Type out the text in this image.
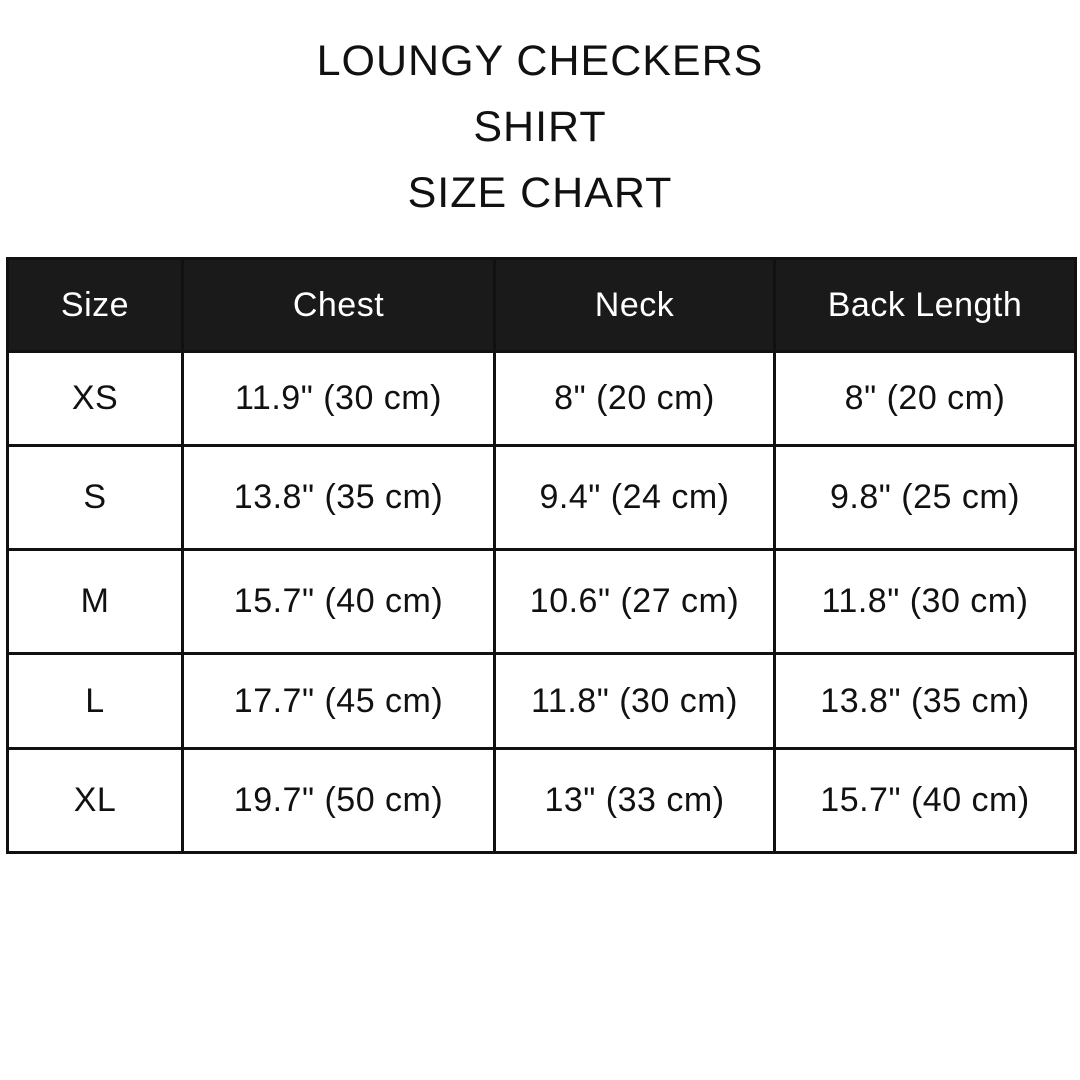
LOUNGY CHECKERS
SHIRT
SIZE CHART
Size	Chest	Neck	Back Length
XS	11.9" (30 cm)	8" (20 cm)	8" (20 cm)
S	13.8" (35 cm)	9.4" (24 cm)	9.8" (25 cm)
M	15.7" (40 cm)	10.6" (27 cm)	11.8" (30 cm)
L	17.7" (45 cm)	11.8" (30 cm)	13.8" (35 cm)
XL	19.7" (50 cm)	13" (33 cm)	15.7" (40 cm)
